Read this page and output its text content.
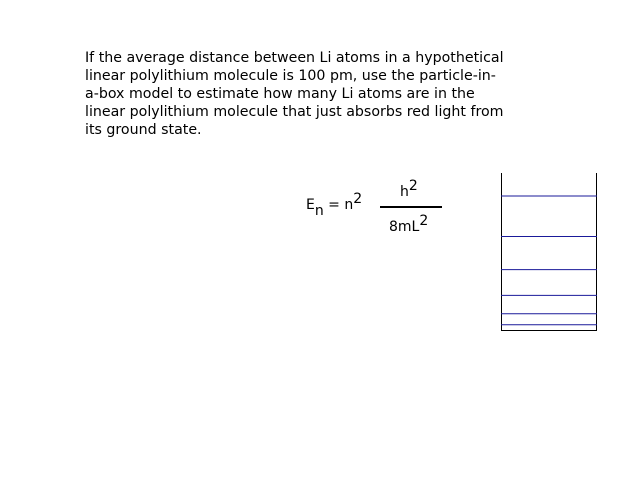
If the average distance between Li atoms in a hypothetical
linear polylithium molecule is 100 pm, use the particle-in-
a-box model to estimate how many Li atoms are in the
linear polylithium molecule that just absorbs red light from
its ground state.
En = n2	h2
8mL2
